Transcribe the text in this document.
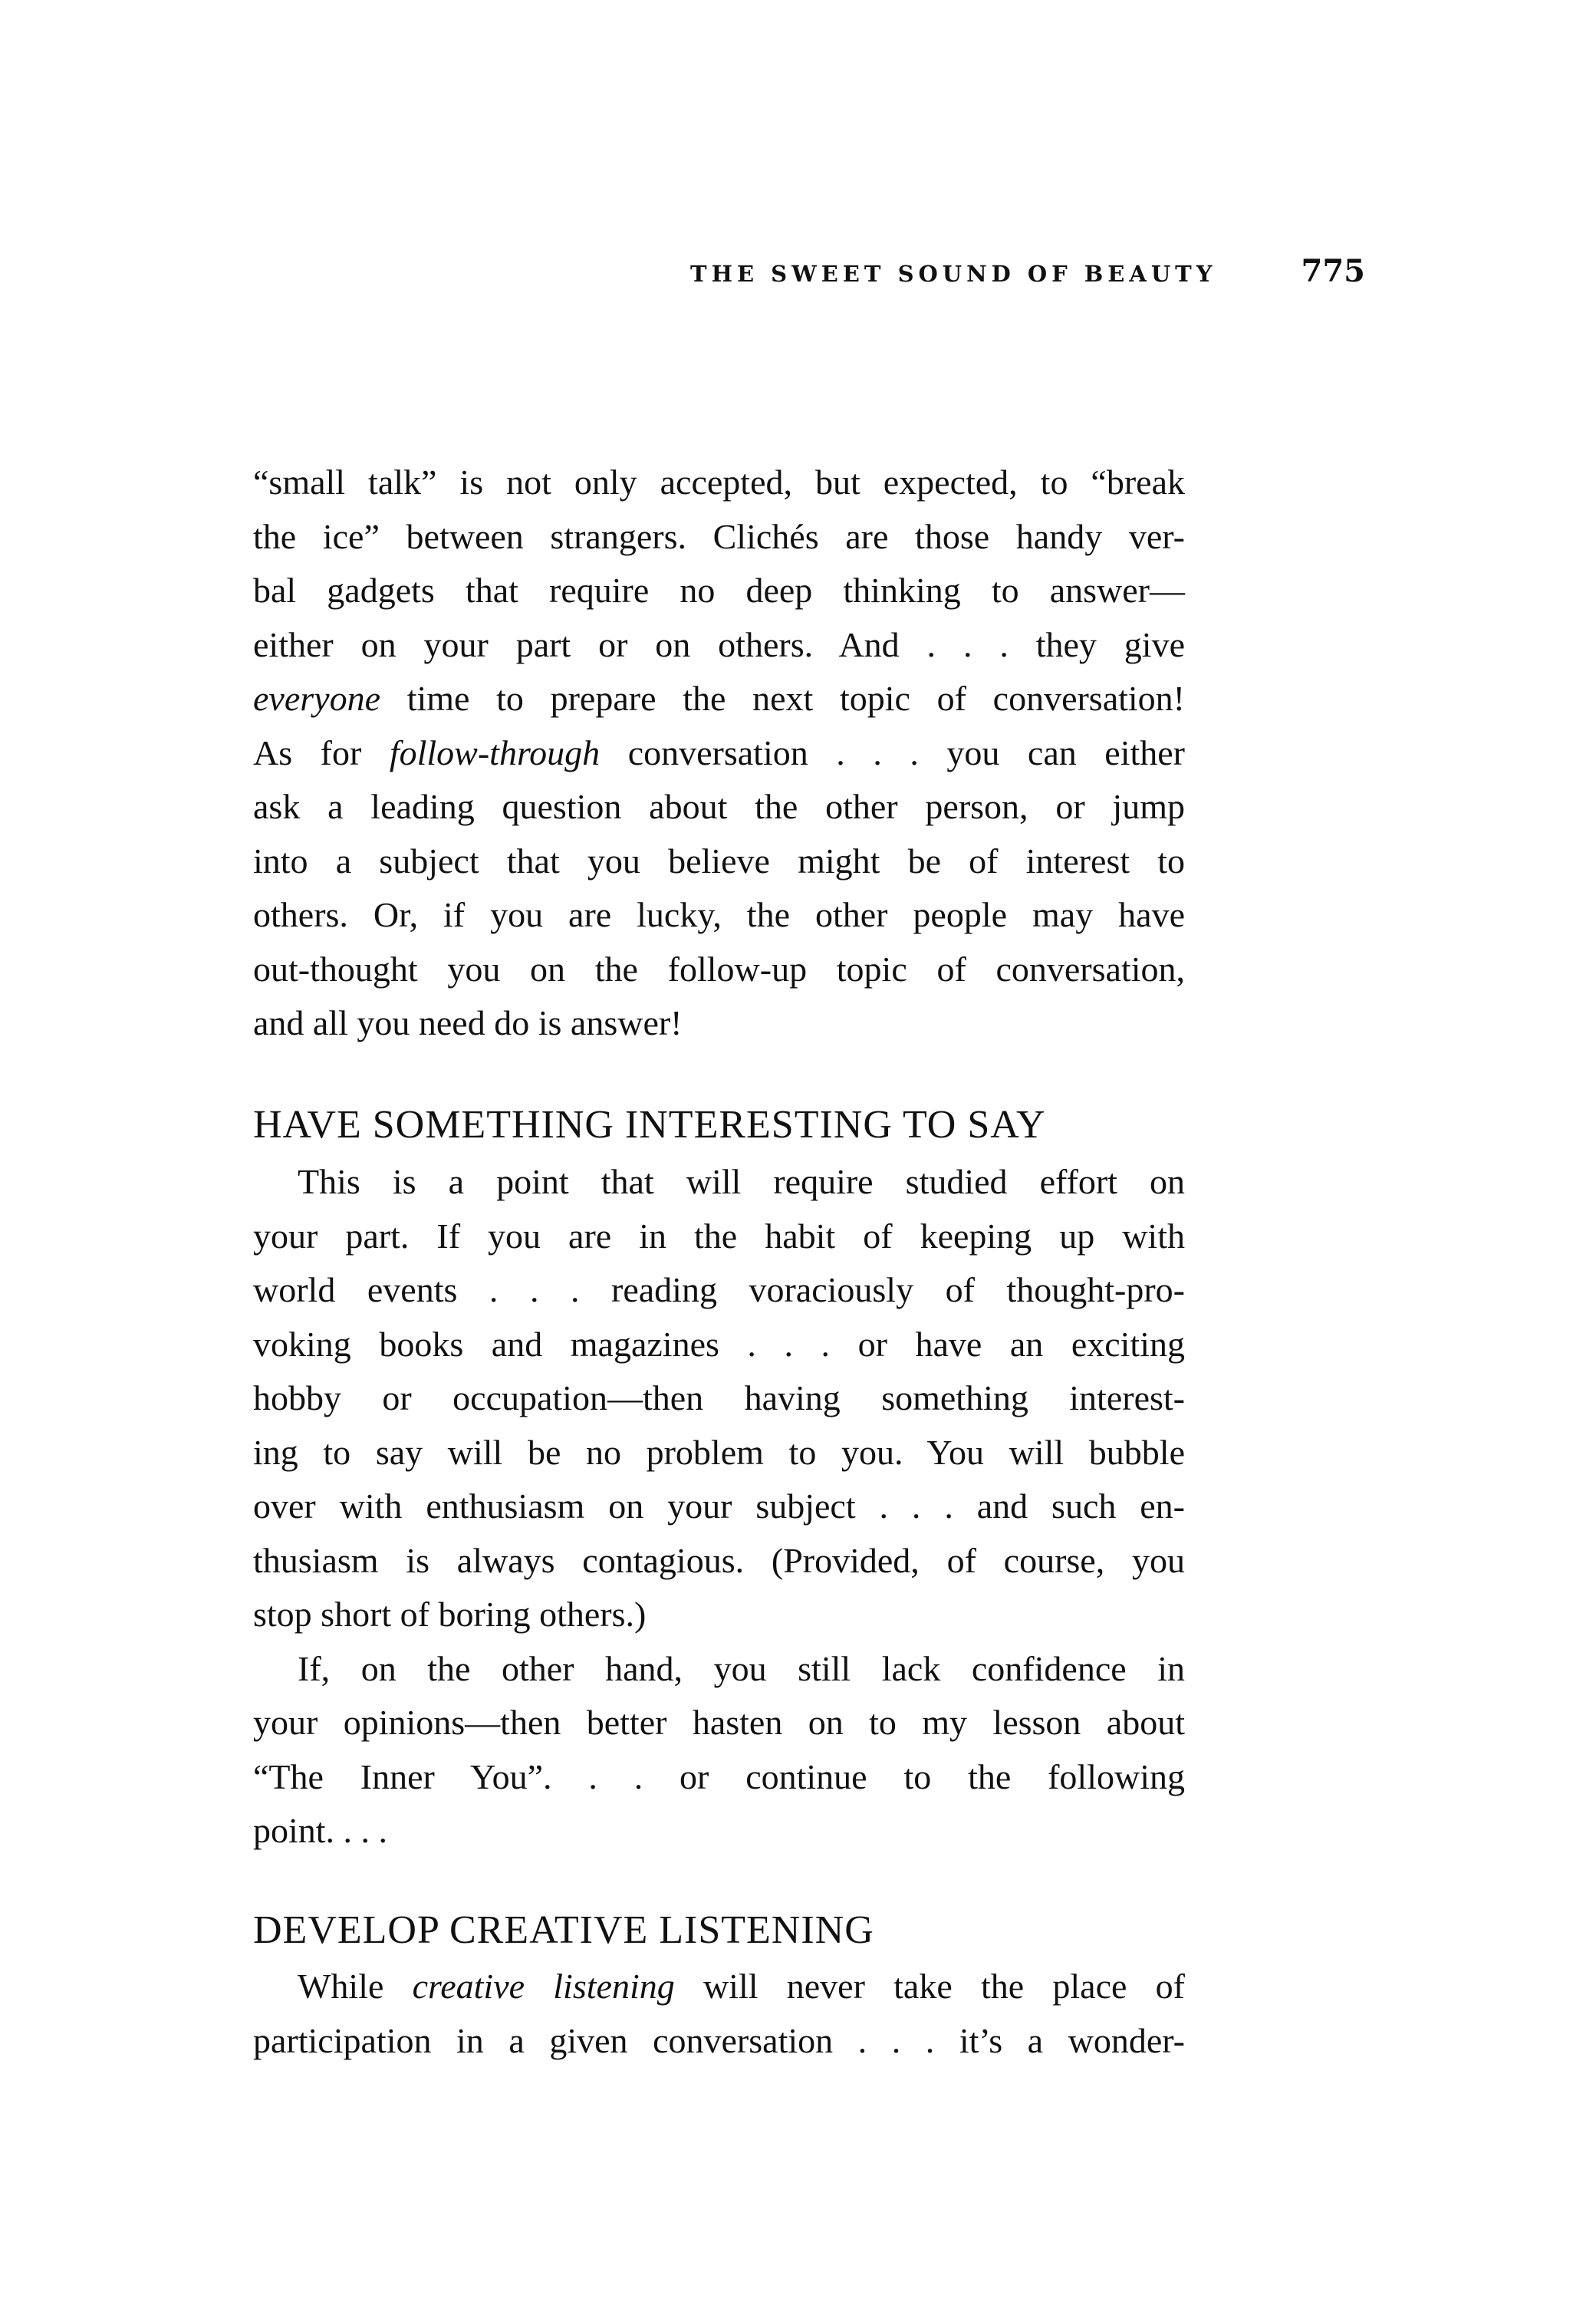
THE SWEET SOUND OF BEAUTY	775
“small talk” is not only accepted, but expected, to “break
the ice” between strangers. Clichés are those handy ver-
bal gadgets that require no deep thinking to answer—
either on your part or on others. And . . . they give
everyone time to prepare the next topic of conversation!
As for follow-through conversation . . . you can either
ask a leading question about the other person, or jump
into a subject that you believe might be of interest to
others. Or, if you are lucky, the other people may have
out-thought you on the follow-up topic of conversation,
and all you need do is answer!
HAVE SOMETHING INTERESTING TO SAY
This is a point that will require studied effort on
your part. If you are in the habit of keeping up with
world events . . . reading voraciously of thought-pro-
voking books and magazines . . . or have an exciting
hobby or occupation—then having something interest-
ing to say will be no problem to you. You will bubble
over with enthusiasm on your subject . . . and such en-
thusiasm is always contagious. (Provided, of course, you
stop short of boring others.)
If, on the other hand, you still lack confidence in
your opinions—then better hasten on to my lesson about
“The Inner You”. . . or continue to the following
point. . . .
DEVELOP CREATIVE LISTENING
While creative listening will never take the place of
participation in a given conversation . . . it’s a wonder-
